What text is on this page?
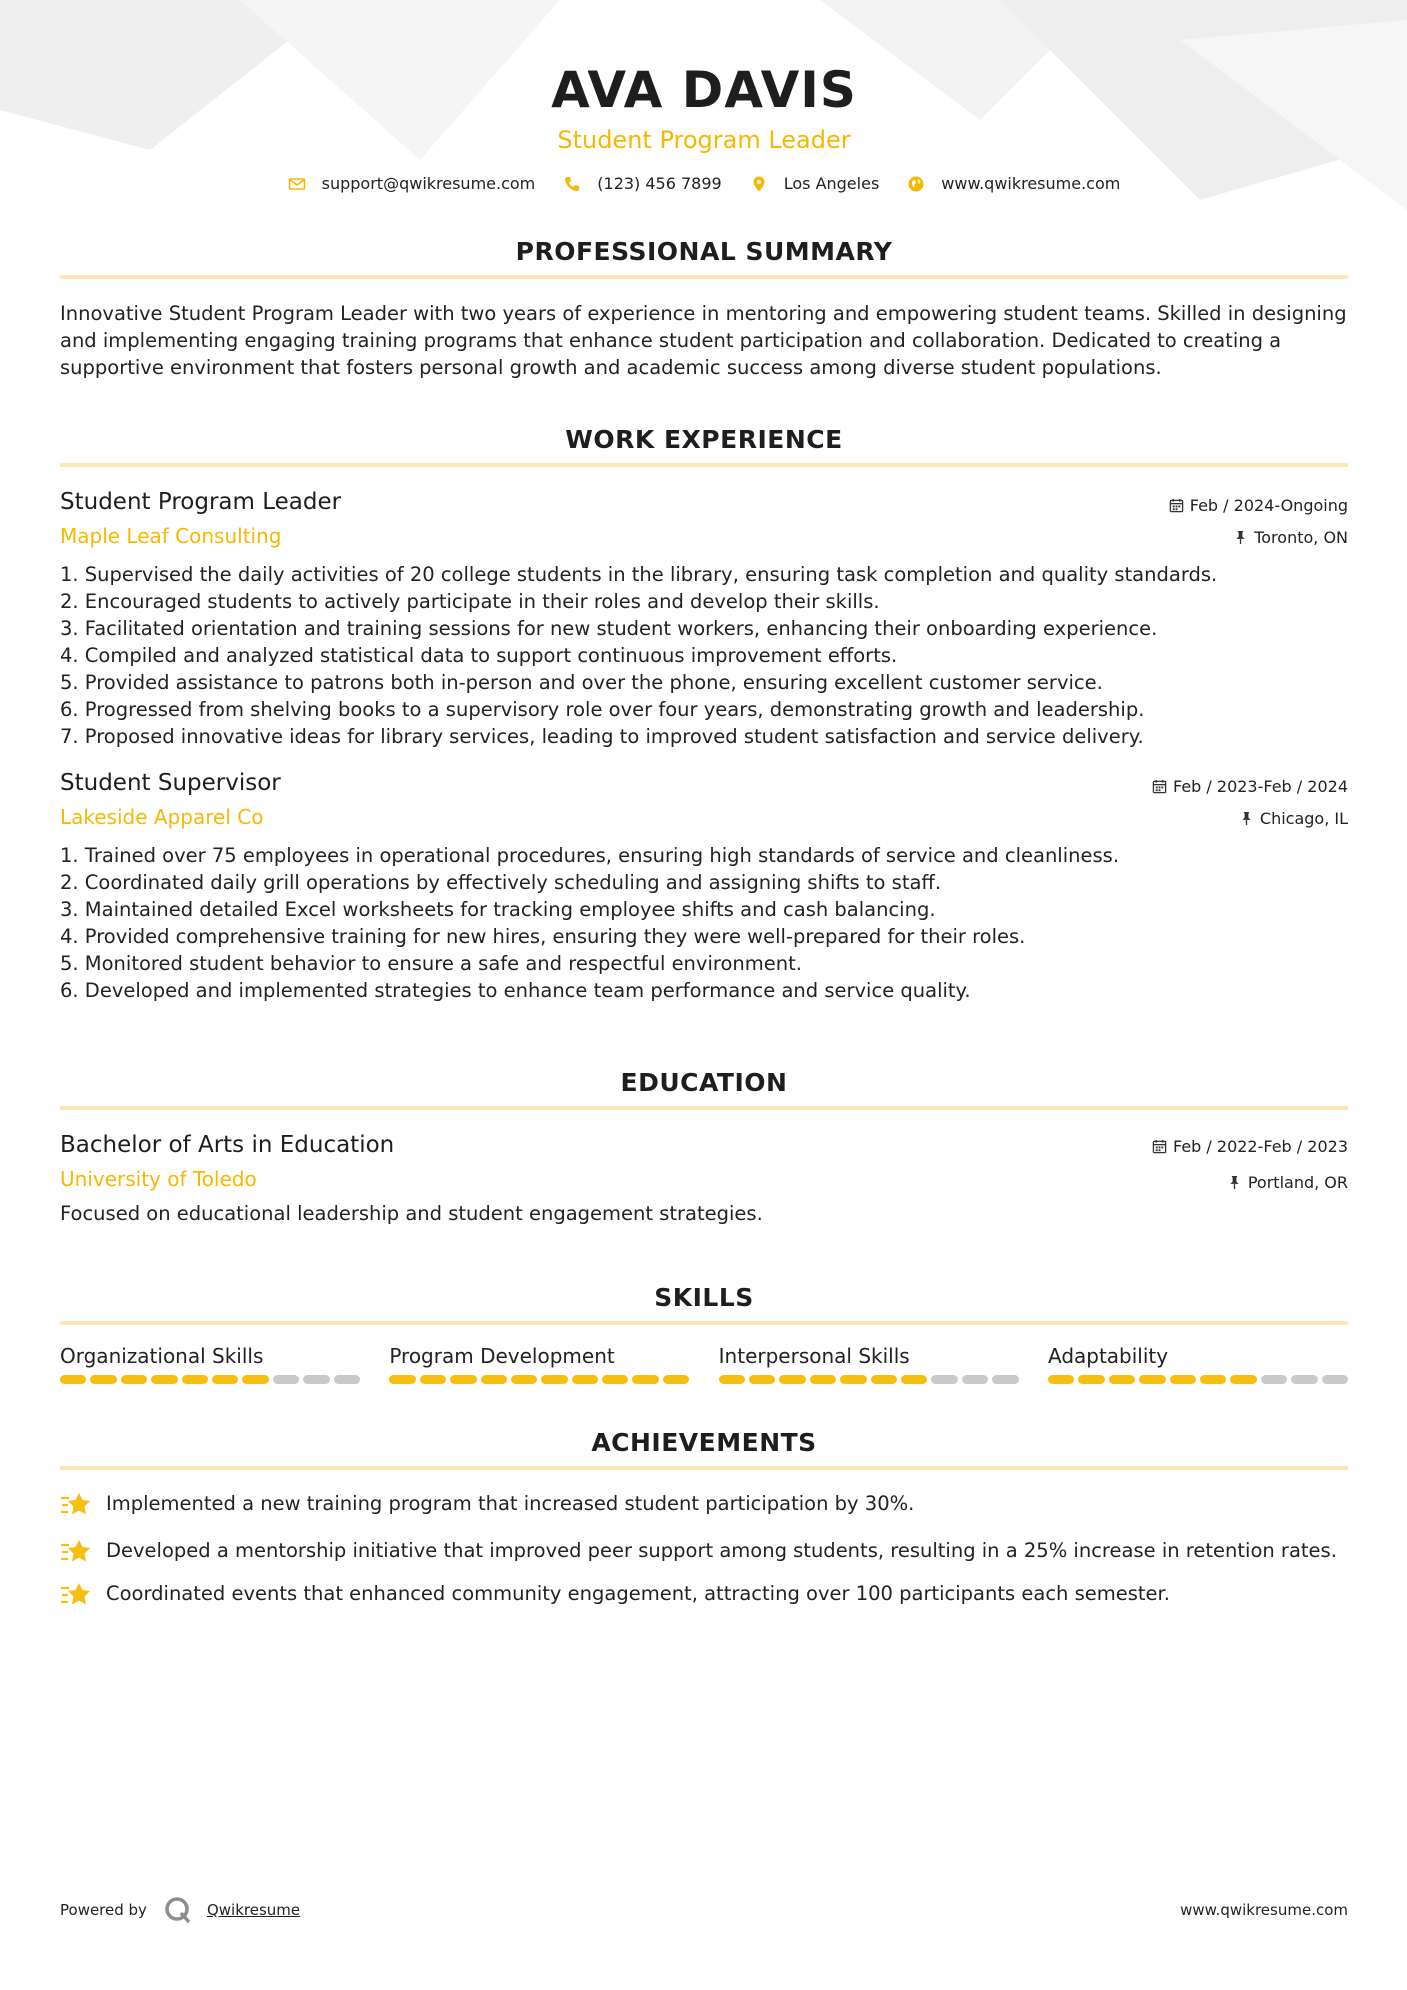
AVA DAVIS
Student Program Leader
support@qwikresume.com	(123) 456 7899	Los Angeles	www.qwikresume.com
PROFESSIONAL SUMMARY
Innovative Student Program Leader with two years of experience in mentoring and empowering student teams. Skilled in designing and implementing engaging training programs that enhance student participation and collaboration. Dedicated to creating a supportive environment that fosters personal growth and academic success among diverse student populations.
WORK EXPERIENCE
Student Program Leader
Maple Leaf Consulting
Feb / 2024-Ongoing
Toronto, ON
1. Supervised the daily activities of 20 college students in the library, ensuring task completion and quality standards.
2. Encouraged students to actively participate in their roles and develop their skills.
3. Facilitated orientation and training sessions for new student workers, enhancing their onboarding experience.
4. Compiled and analyzed statistical data to support continuous improvement efforts.
5. Provided assistance to patrons both in-person and over the phone, ensuring excellent customer service.
6. Progressed from shelving books to a supervisory role over four years, demonstrating growth and leadership.
7. Proposed innovative ideas for library services, leading to improved student satisfaction and service delivery.
Student Supervisor
Lakeside Apparel Co
Feb / 2023-Feb / 2024
Chicago, IL
1. Trained over 75 employees in operational procedures, ensuring high standards of service and cleanliness.
2. Coordinated daily grill operations by effectively scheduling and assigning shifts to staff.
3. Maintained detailed Excel worksheets for tracking employee shifts and cash balancing.
4. Provided comprehensive training for new hires, ensuring they were well-prepared for their roles.
5. Monitored student behavior to ensure a safe and respectful environment.
6. Developed and implemented strategies to enhance team performance and service quality.
EDUCATION
Bachelor of Arts in Education
University of Toledo
Feb / 2022-Feb / 2023
Portland, OR
Focused on educational leadership and student engagement strategies.
SKILLS
Organizational Skills	Program Development	Interpersonal Skills	Adaptability
ACHIEVEMENTS
Implemented a new training program that increased student participation by 30%.
Developed a mentorship initiative that improved peer support among students, resulting in a 25% increase in retention rates.
Coordinated events that enhanced community engagement, attracting over 100 participants each semester.
Powered by	Qwikresume	www.qwikresume.com
